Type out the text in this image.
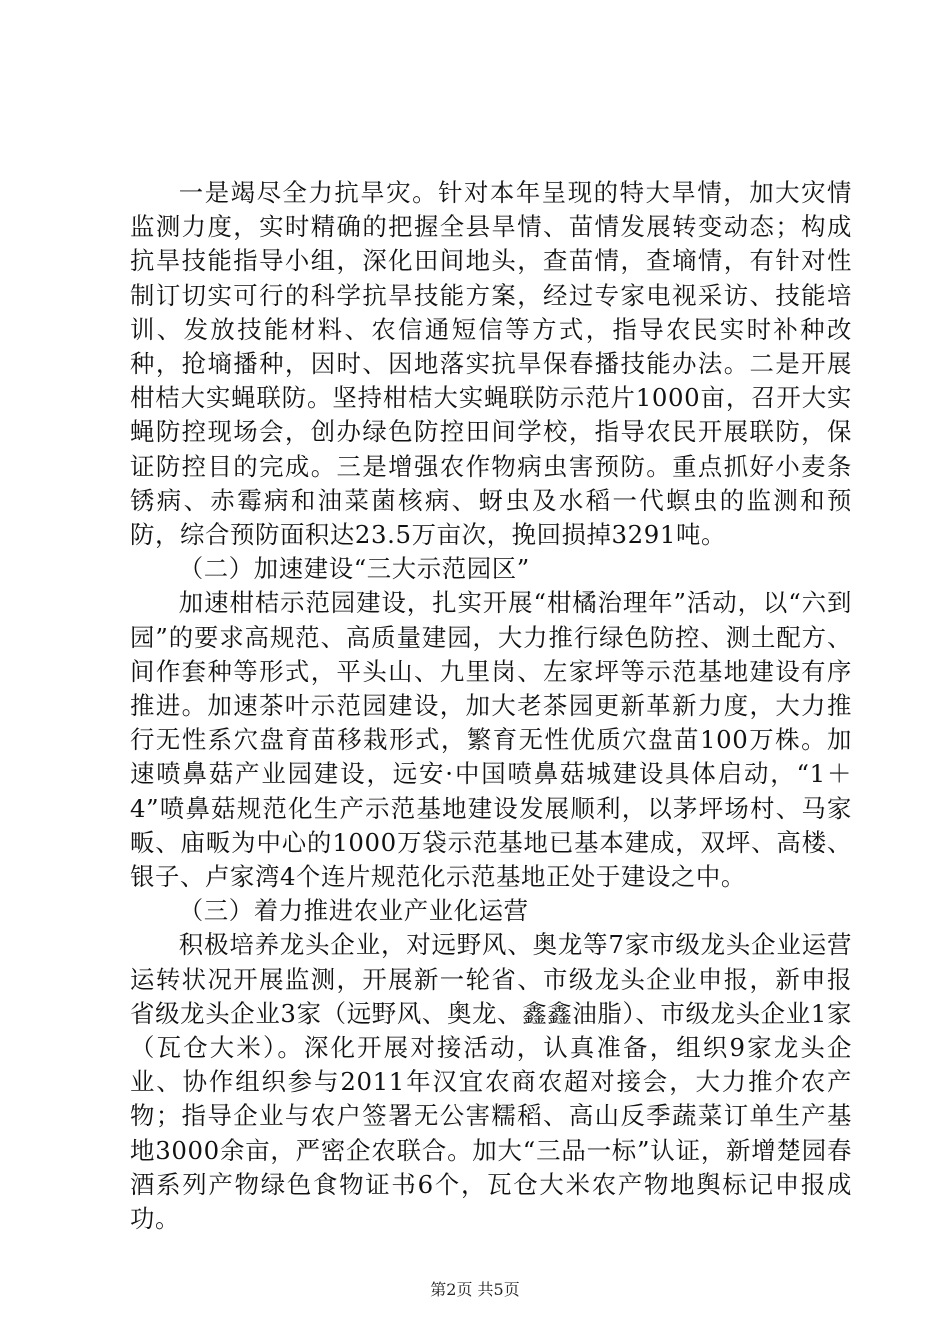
一是竭尽全力抗旱灾。针对本年呈现的特大旱情，加大灾情监测力度，实时精确的把握全县旱情、苗情发展转变动态；构成抗旱技能指导小组，深化田间地头，查苗情，查墒情，有针对性制订切实可行的科学抗旱技能方案，经过专家电视采访、技能培训、发放技能材料、农信通短信等方式，指导农民实时补种改种，抢墒播种，因时、因地落实抗旱保春播技能办法。二是开展柑桔大实蝇联防。坚持柑桔大实蝇联防示范片1000亩，召开大实蝇防控现场会，创办绿色防控田间学校，指导农民开展联防，保证防控目的完成。三是增强农作物病虫害预防。重点抓好小麦条锈病、赤霉病和油菜菌核病、蚜虫及水稻一代螟虫的监测和预防，综合预防面积达23.5万亩次，挽回损掉3291吨。

（二）加速建设“三大示范园区”

加速柑桔示范园建设，扎实开展“柑橘治理年”活动，以“六到园”的要求高规范、高质量建园，大力推行绿色防控、测土配方、间作套种等形式，平头山、九里岗、左家坪等示范基地建设有序推进。加速茶叶示范园建设，加大老茶园更新革新力度，大力推行无性系穴盘育苗移栽形式，繁育无性优质穴盘苗100万株。加速喷鼻菇产业园建设，远安·中国喷鼻菇城建设具体启动，“1＋4”喷鼻菇规范化生产示范基地建设发展顺利，以茅坪场村、马家畈、庙畈为中心的1000万袋示范基地已基本建成，双坪、高楼、银子、卢家湾4个连片规范化示范基地正处于建设之中。

（三）着力推进农业产业化运营

积极培养龙头企业，对远野风、奥龙等7家市级龙头企业运营运转状况开展监测，开展新一轮省、市级龙头企业申报，新申报省级龙头企业3家（远野风、奥龙、鑫鑫油脂）、市级龙头企业1家（瓦仓大米）。深化开展对接活动，认真准备，组织9家龙头企业、协作组织参与2011年汉宜农商农超对接会，大力推介农产物；指导企业与农户签署无公害糯稻、高山反季蔬菜订单生产基地3000余亩，严密企农联合。加大“三品一标”认证，新增楚园春酒系列产物绿色食物证书6个，瓦仓大米农产物地舆标记申报成功。

第2页 共5页
